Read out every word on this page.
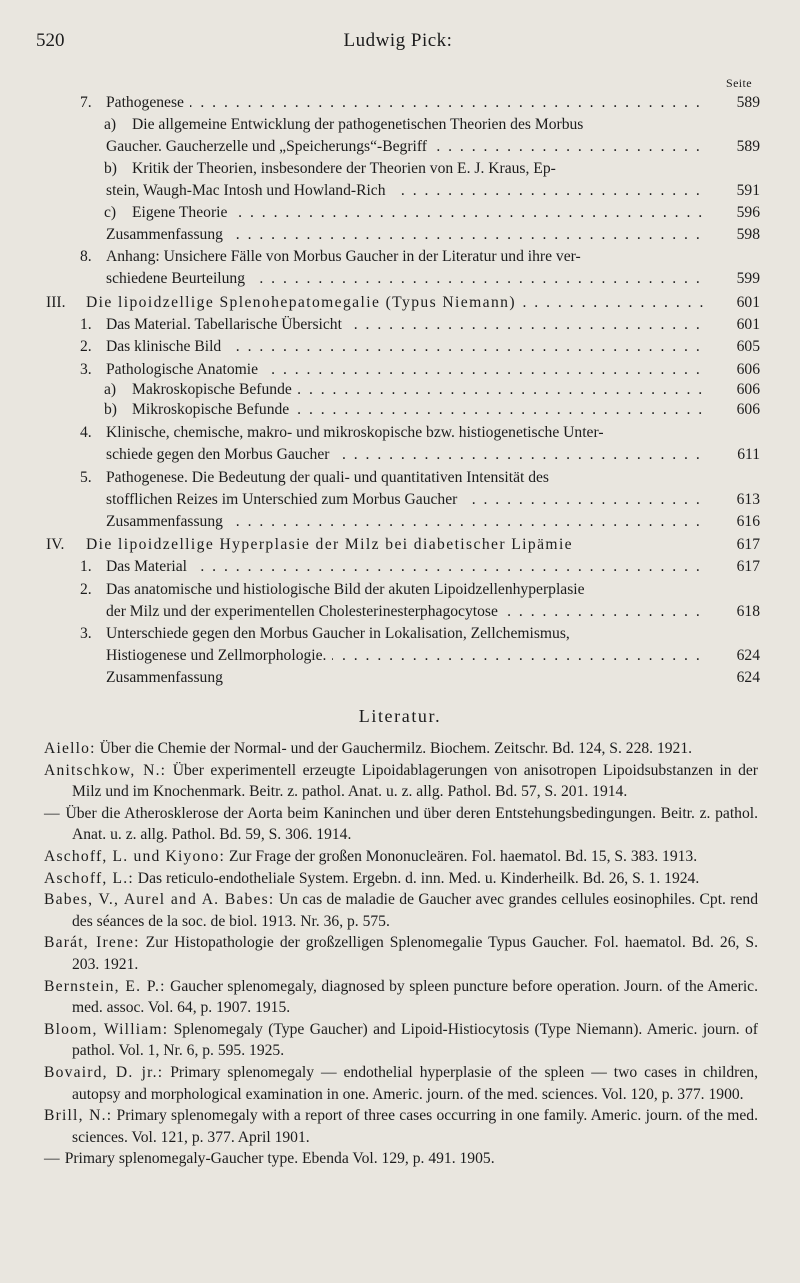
520	Ludwig Pick:
Seite
7. Pathogenese . . .	589
a) Die allgemeine Entwicklung der pathogenetischen Theorien des Morbus
Gaucher. Gaucherzelle und „Speicherungs“-Begriff . . .	589
b) Kritik der Theorien, insbesondere der Theorien von E. J. Kraus, Ep-
stein, Waugh-Mac Intosh und Howland-Rich . . .	591
c) Eigene Theorie . . .	596
Zusammenfassung . . .	598
8. Anhang: Unsichere Fälle von Morbus Gaucher in der Literatur und ihre ver-
schiedene Beurteilung . . .	599
III. Die lipoidzellige Splenohepatomegalie (Typus Niemann) . . .	601
1. Das Material. Tabellarische Übersicht . . .	601
2. Das klinische Bild . . .	605
3. Pathologische Anatomie . . .	606
a) Makroskopische Befunde . . .	606
b) Mikroskopische Befunde . . .	606
4. Klinische, chemische, makro- und mikroskopische bzw. histiogenetische Unter-
schiede gegen den Morbus Gaucher . . .	611
5. Pathogenese. Die Bedeutung der quali- und quantitativen Intensität des
stofflichen Reizes im Unterschied zum Morbus Gaucher . . .	613
Zusammenfassung . . .	616
IV. Die lipoidzellige Hyperplasie der Milz bei diabetischer Lipämie	617
1. Das Material . . .	617
2. Das anatomische und histiologische Bild der akuten Lipoidzellenhyperplasie
der Milz und der experimentellen Cholesterinesterphagocytose . . .	618
3. Unterschiede gegen den Morbus Gaucher in Lokalisation, Zellchemismus,
Histiogenese und Zellmorphologie. . . .	624
Zusammenfassung	624
Literatur.
Aiello: Über die Chemie der Normal- und der Gauchermilz. Biochem. Zeitschr. Bd. 124, S. 228. 1921.
Anitschkow, N.: Über experimentell erzeugte Lipoidablagerungen von anisotropen Lipoidsubstanzen in der Milz und im Knochenmark. Beitr. z. pathol. Anat. u. z. allg. Pathol. Bd. 57, S. 201. 1914.
— Über die Atherosklerose der Aorta beim Kaninchen und über deren Entstehungsbedingungen. Beitr. z. pathol. Anat. u. z. allg. Pathol. Bd. 59, S. 306. 1914.
Aschoff, L. und Kiyono: Zur Frage der großen Mononucleären. Fol. haematol. Bd. 15, S. 383. 1913.
Aschoff, L.: Das reticulo-endotheliale System. Ergebn. d. inn. Med. u. Kinderheilk. Bd. 26, S. 1. 1924.
Babes, V., Aurel and A. Babes: Un cas de maladie de Gaucher avec grandes cellules eosinophiles. Cpt. rend des séances de la soc. de biol. 1913. Nr. 36, p. 575.
Barát, Irene: Zur Histopathologie der großzelligen Splenomegalie Typus Gaucher. Fol. haematol. Bd. 26, S. 203. 1921.
Bernstein, E. P.: Gaucher splenomegaly, diagnosed by spleen puncture before operation. Journ. of the Americ. med. assoc. Vol. 64, p. 1907. 1915.
Bloom, William: Splenomegaly (Type Gaucher) and Lipoid-Histiocytosis (Type Niemann). Americ. journ. of pathol. Vol. 1, Nr. 6, p. 595. 1925.
Bovaird, D. jr.: Primary splenomegaly — endothelial hyperplasie of the spleen — two cases in children, autopsy and morphological examination in one. Americ. journ. of the med. sciences. Vol. 120, p. 377. 1900.
Brill, N.: Primary splenomegaly with a report of three cases occurring in one family. Americ. journ. of the med. sciences. Vol. 121, p. 377. April 1901.
— Primary splenomegaly-Gaucher type. Ebenda Vol. 129, p. 491. 1905.
